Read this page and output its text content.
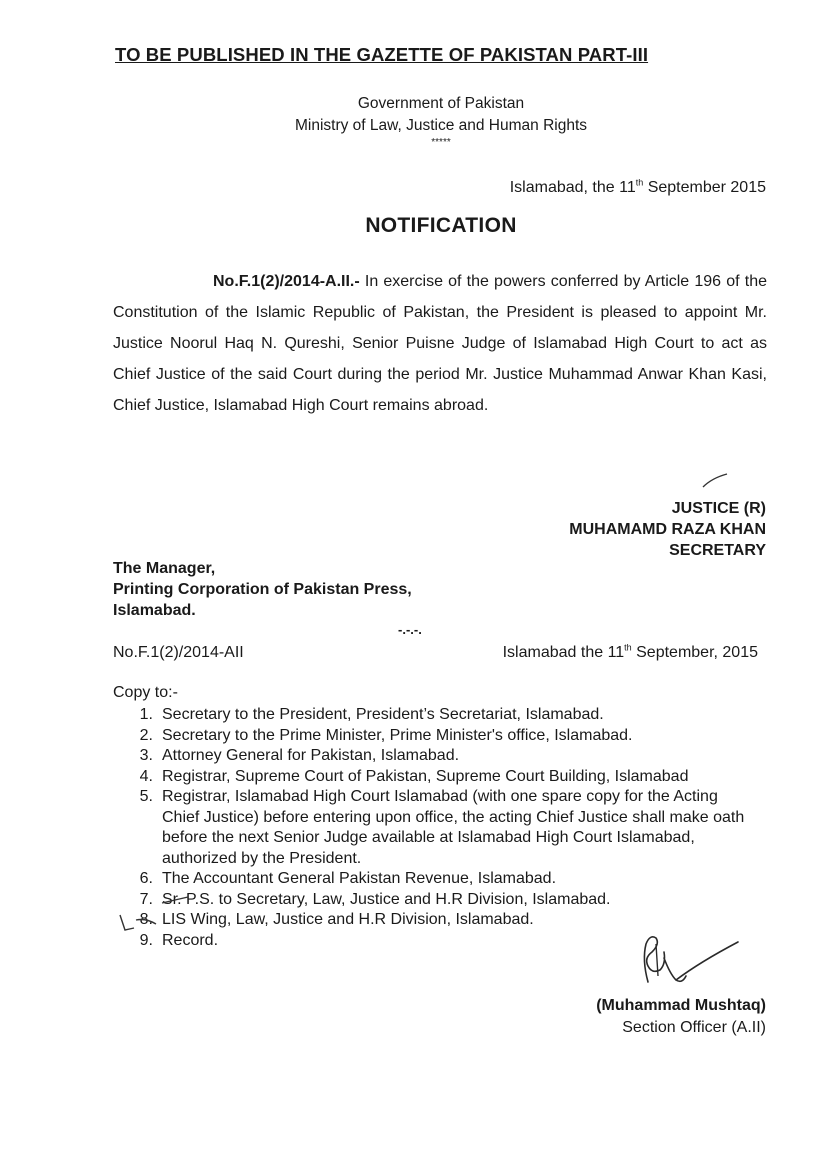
TO BE PUBLISHED IN THE GAZETTE OF PAKISTAN PART-III
Government of Pakistan
Ministry of Law, Justice and Human Rights
*****
Islamabad, the 11th September 2015
NOTIFICATION

No.F.1(2)/2014-A.II.- In exercise of the powers conferred by Article 196 of the Constitution of the Islamic Republic of Pakistan, the President is pleased to appoint Mr. Justice Noorul Haq N. Qureshi, Senior Puisne Judge of Islamabad High Court to act as Chief Justice of the said Court during the period Mr. Justice Muhammad Anwar Khan Kasi, Chief Justice, Islamabad High Court remains abroad.

JUSTICE (R)
MUHAMAMD RAZA KHAN
SECRETARY
The Manager,
Printing Corporation of Pakistan Press,
Islamabad.
-.-.-.
No.F.1(2)/2014-AII	Islamabad the 11th September, 2015
Copy to:-
1. Secretary to the President, President’s Secretariat, Islamabad.
2. Secretary to the Prime Minister, Prime Minister's office, Islamabad.
3. Attorney General for Pakistan, Islamabad.
4. Registrar, Supreme Court of Pakistan, Supreme Court Building, Islamabad
5. Registrar, Islamabad High Court Islamabad (with one spare copy for the Acting Chief Justice) before entering upon office, the acting Chief Justice shall make oath before the next Senior Judge available at Islamabad High Court Islamabad, authorized by the President.
6. The Accountant General Pakistan Revenue, Islamabad.
7. Sr. P.S. to Secretary, Law, Justice and H.R Division, Islamabad.
8. LIS Wing, Law, Justice and H.R Division, Islamabad.
9. Record.
(Muhammad Mushtaq)
Section Officer (A.II)
